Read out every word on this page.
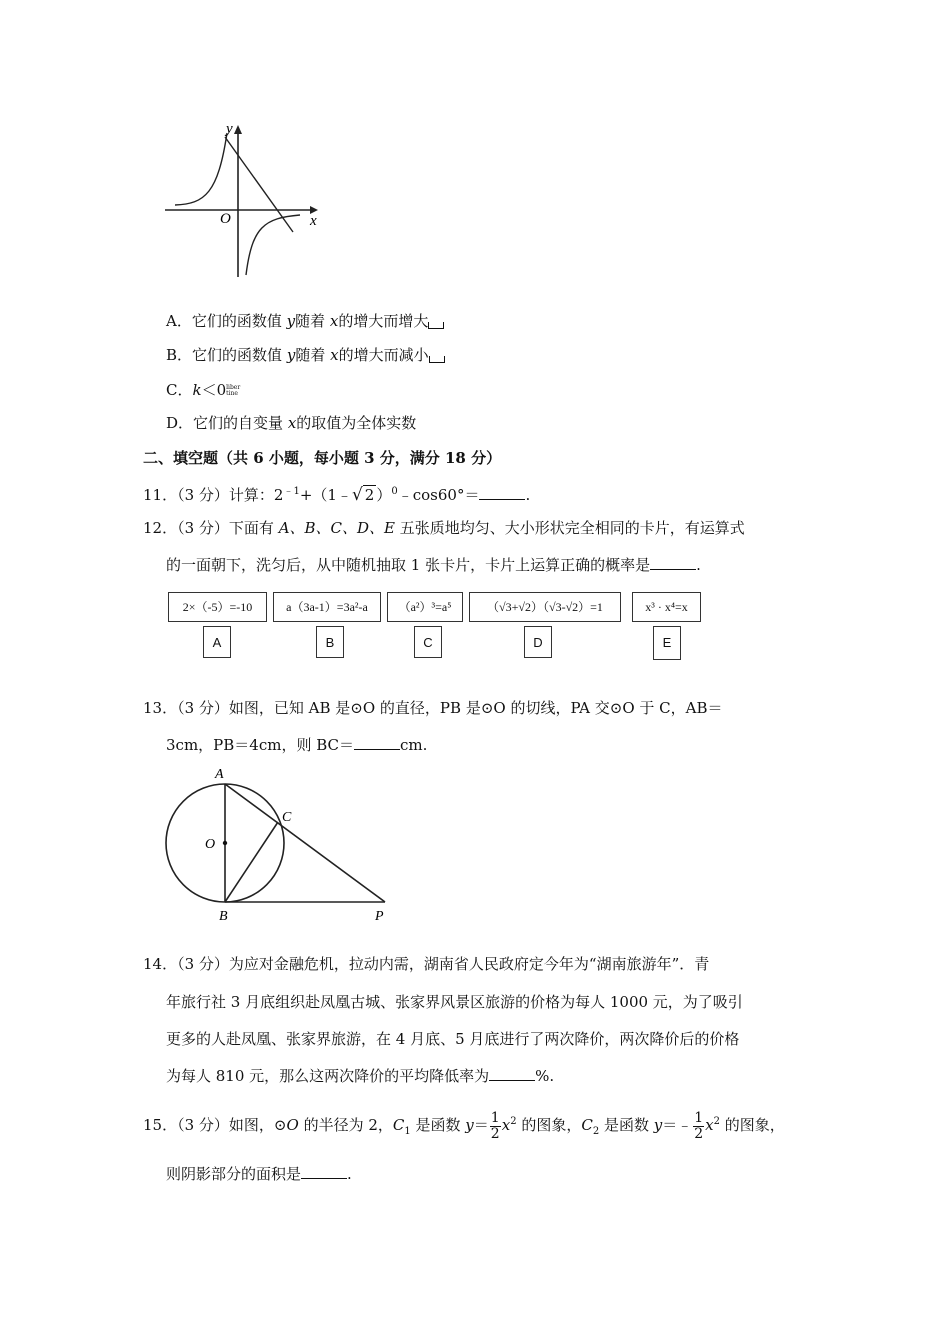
y
x
O
A．它们的函数值 y随着 x的增大而增大
B．它们的函数值 y随着 x的增大而减小
C．k＜0liber tine
D．它们的自变量 x的取值为全体实数
二、填空题（共 6 小题，每小题 3 分，满分 18 分）
11．（3 分）计算：$2^{﹣1}+(1﹣√$ 2 ）$^0$﹣cos60°＝	.
12．（3 分）下面有 A、B、C、D、E 五张质地均匀、大小形状完全相同的卡片，有运算式
的一面朝下，洗匀后，从中随机抽取 1 张卡片，卡片上运算正确的概率是	.
2×（-5）=-10	a（3a-1）=3a²-a	（a²）³=a⁵	（√3+√2）（√3-√2）=1	x³ · x⁴=x
A	B	C	D	E
13．（3 分）如图，已知 AB 是⊙O 的直径，PB 是⊙O 的切线，PA 交⊙O 于 C，AB＝
3cm，PB＝4cm，则 BC＝	cm.
A
B
C
O
P
14．（3 分）为应对金融危机，拉动内需，湖南省人民政府定今年为“湖南旅游年”．青
年旅行社 3 月底组织赴凤凰古城、张家界风景区旅游的价格为每人 1000 元，为了吸引
更多的人赴凤凰、张家界旅游，在 4 月底、5 月底进行了两次降价，两次降价后的价格
为每人 810 元，那么这两次降价的平均降低率为	%.
15．（3 分）如图，⊙O 的半径为 2，$C_1$ 是函数 $y= \frac{1}{2} x^2$ 的图象，$C_2$ 是函数 y＝﹣ $\frac{1}{2} x^2$ 的图象，
则阴影部分的面积是	.
